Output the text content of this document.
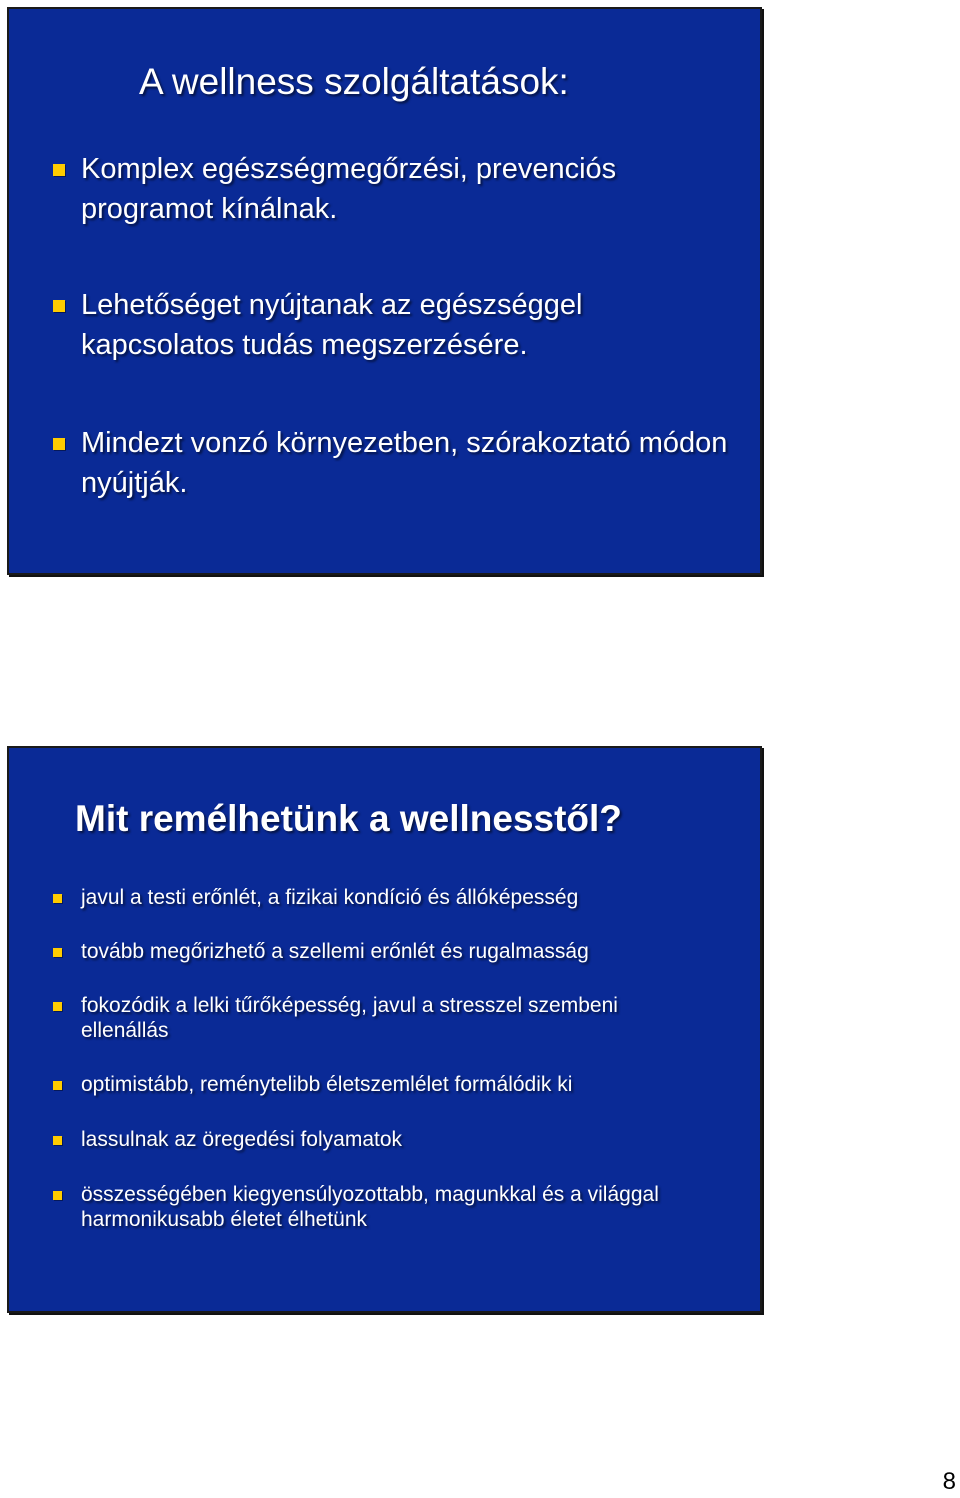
A wellness szolgáltatások:
Komplex egészségmegőrzési, prevenciós programot kínálnak.
Lehetőséget nyújtanak az egészséggel kapcsolatos tudás megszerzésére.
Mindezt vonzó környezetben, szórakoztató módon nyújtják.
Mit remélhetünk a wellnesstől?
javul a testi erőnlét, a fizikai kondíció és állóképesség
tovább megőrizhető a szellemi erőnlét és rugalmasság
fokozódik a lelki tűrőképesség, javul a stresszel szembeni ellenállás
optimistább, reménytelibb életszemlélet formálódik ki
lassulnak az öregedési folyamatok
összességében kiegyensúlyozottabb, magunkkal és a világgal harmonikusabb életet élhetünk
8
